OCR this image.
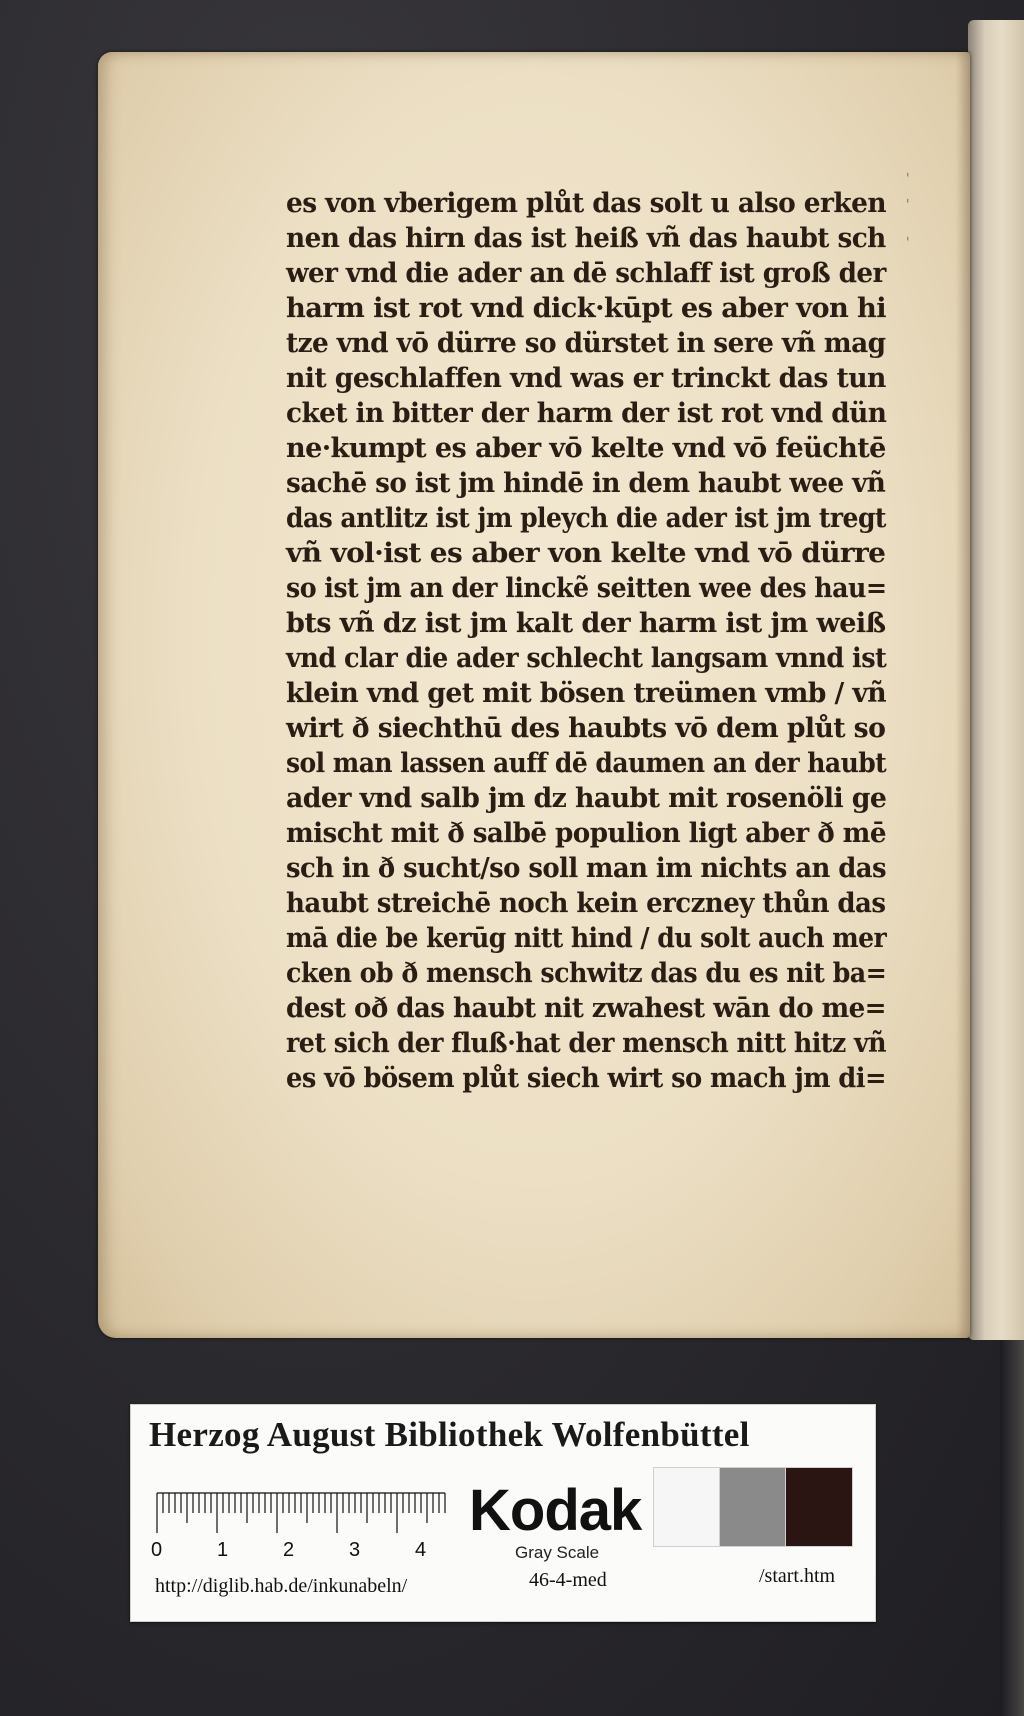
es von vberigem plůt das solt u also erken
nen das hirn das ist heiß vñ das haubt sch
wer vnd die ader an dē schlaff ist groß der
harm ist rot vnd dick·kūpt es aber von hi
tze vnd vō dürre so dürstet in sere vñ mag
nit geschlaffen vnd was er trinckt das tun
cket in bitter der harm der ist rot vnd dün
ne·kumpt es aber vō kelte vnd vō feüchtē
sachē so ist jm hindē in dem haubt wee vñ
das antlitz ist jm pleych die ader ist jm tregt
vñ vol·ist es aber von kelte vnd vō dürre
so ist jm an der linckẽ seitten wee des hau=
bts vñ dz ist jm kalt der harm ist jm weiß
vnd clar die ader schlecht langsam vnnd ist
klein vnd get mit bösen treümen vmb / vñ
wirt ð siechthū des haubts vō dem plůt so
sol man lassen auff dē daumen an der haubt
ader vnd salb jm dz haubt mit rosenöli ge
mischt mit ð salbē populion ligt aber ð mē
sch in ð sucht/so soll man im nichts an das
haubt streichē noch kein erczney thůn das
mā die be kerūg nitt hind / du solt auch mer
cken ob ð mensch schwitz das du es nit ba=
dest oð das haubt nit zwahest wān do me=
ret sich der fluß·hat der mensch nitt hitz vñ
es vō bösem plůt siech wirt so mach jm di=
ˈ
ˈ
ˈ
Herzog August Bibliothek Wolfenbüttel
0	1	2	3	4
Kodak
Gray Scale
http://diglib.hab.de/inkunabeln/	46-4-med	/start.htm
